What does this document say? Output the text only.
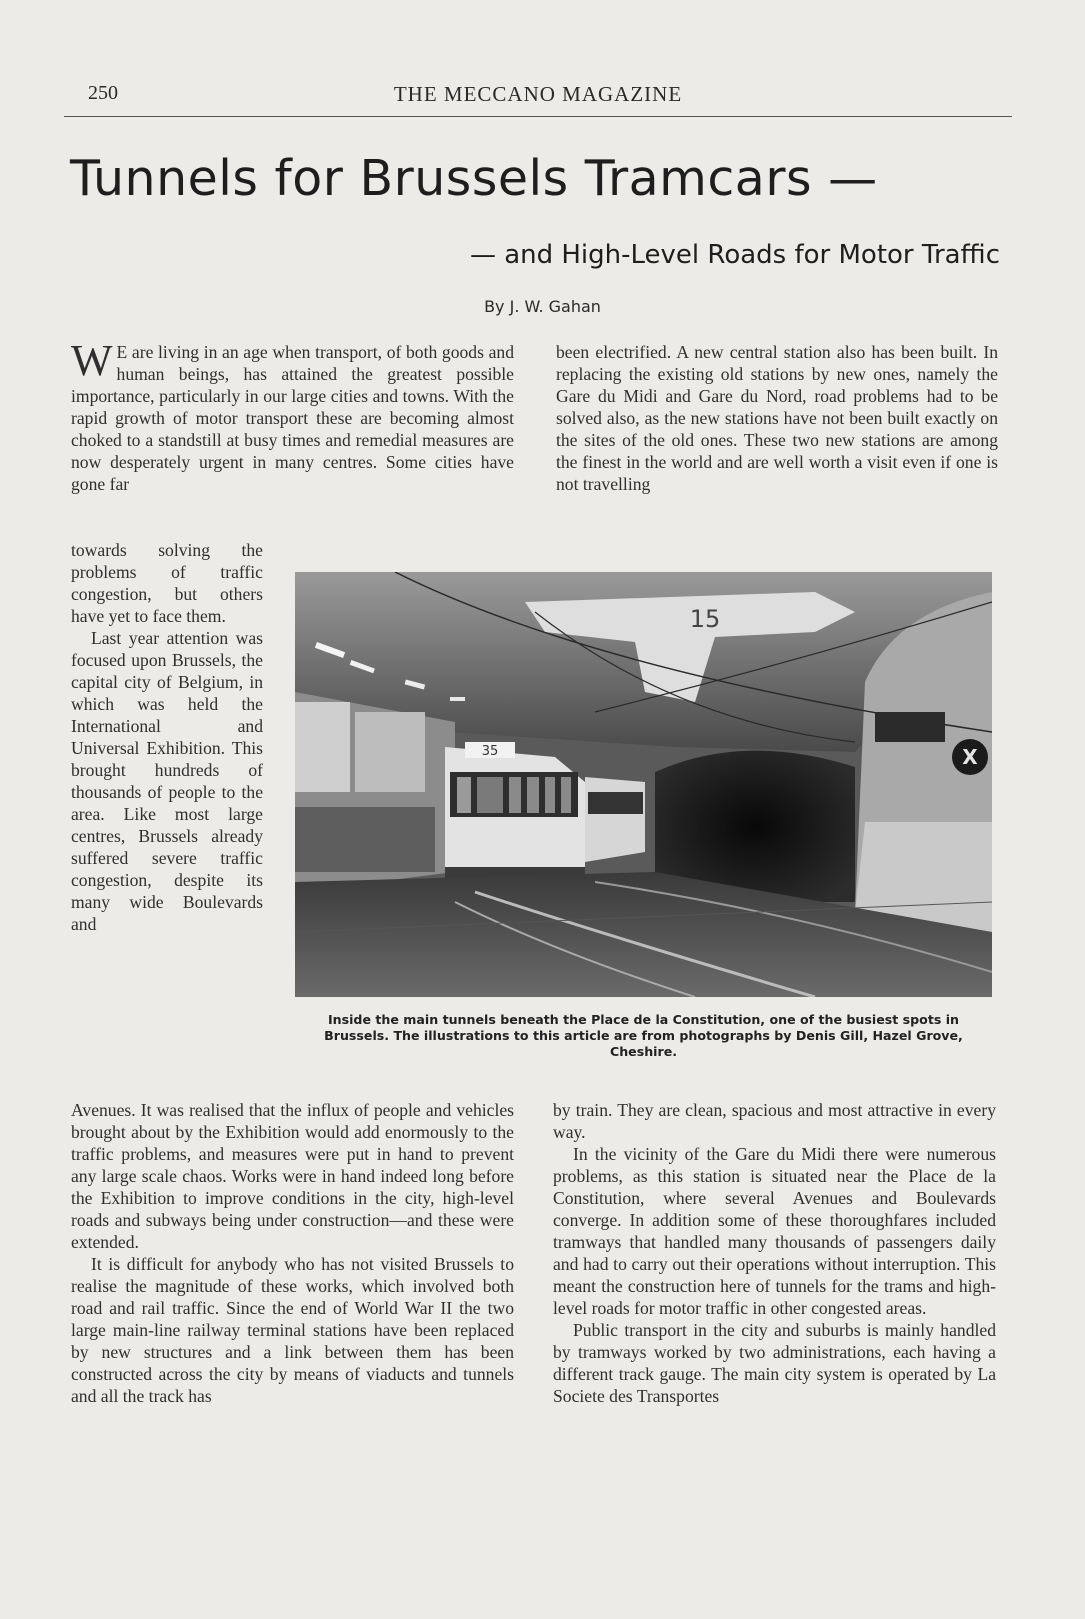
250	THE MECCANO MAGAZINE
Tunnels for Brussels Tramcars —
— and High-Level Roads for Motor Traffic
By J. W. Gahan

W E are living in an age when transport, of both goods and human beings, has attained the greatest possible importance, particularly in our large cities and towns. With the rapid growth of motor transport these are becoming almost choked to a standstill at busy times and remedial measures are now desperately urgent in many centres. Some cities have gone far

been electrified. A new central station also has been built. In replacing the existing old stations by new ones, namely the Gare du Midi and Gare du Nord, road problems had to be solved also, as the new stations have not been built exactly on the sites of the old ones. These two new stations are among the finest in the world and are well worth a visit even if one is not travelling

towards solving the problems of traffic congestion, but others have yet to face them.

Last year attention was focused upon Brussels, the capital city of Belgium, in which was held the International and Universal Exhibition. This brought hundreds of thousands of people to the area. Like most large centres, Brussels already suffered severe traffic congestion, despite its many wide Boulevards and

X
15
35
Inside the main tunnels beneath the Place de la Constitution, one of the busiest spots in Brussels. The illustrations to this article are from photographs by Denis Gill, Hazel Grove, Cheshire.

Avenues. It was realised that the influx of people and vehicles brought about by the Exhibition would add enormously to the traffic problems, and measures were put in hand to prevent any large scale chaos. Works were in hand indeed long before the Exhibition to improve conditions in the city, high-level roads and subways being under construction—and these were extended.

It is difficult for anybody who has not visited Brussels to realise the magnitude of these works, which involved both road and rail traffic. Since the end of World War II the two large main-line railway terminal stations have been replaced by new structures and a link between them has been constructed across the city by means of viaducts and tunnels and all the track has

by train. They are clean, spacious and most attractive in every way.

In the vicinity of the Gare du Midi there were numerous problems, as this station is situated near the Place de la Constitution, where several Avenues and Boulevards converge. In addition some of these thoroughfares included tramways that handled many thousands of passengers daily and had to carry out their operations without interruption. This meant the construction here of tunnels for the trams and high-level roads for motor traffic in other congested areas.

Public transport in the city and suburbs is mainly handled by tramways worked by two administrations, each having a different track gauge. The main city system is operated by La Societe des Transportes
